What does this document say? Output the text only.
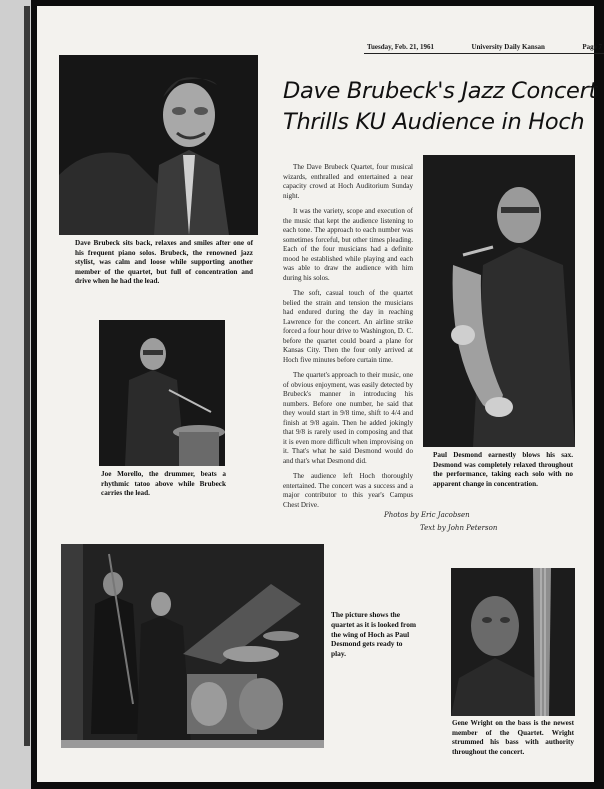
Tuesday, Feb. 21, 1961	University Daily Kansan	Page 7
Dave Brubeck's Jazz Concert
Thrills KU Audience in Hoch
Dave Brubeck sits back, relaxes and smiles after one of his frequent piano solos. Brubeck, the renowned jazz stylist, was calm and loose while supporting another member of the quartet, but full of concentration and drive when he had the lead.
Joe Morello, the drummer, beats a rhythmic tatoo above while Brubeck carries the lead.

The Dave Brubeck Quartet, four musical wizards, enthralled and entertained a near capacity crowd at Hoch Auditorium Sunday night.

It was the variety, scope and execution of the music that kept the audience listening to each tone. The approach to each number was sometimes forceful, but other times pleading. Each of the four musicians had a definite mood he established while playing and each was able to draw the audience with him during his solos.

The soft, casual touch of the quartet belied the strain and tension the musicians had endured during the day in reaching Lawrence for the concert. An airline strike forced a four hour drive to Washington, D. C. before the quartet could board a plane for Kansas City. Then the four only arrived at Hoch five minutes before curtain time.

The quartet's approach to their music, one of obvious enjoyment, was easily detected by Brubeck's manner in introducing his numbers. Before one number, he said that they would start in 9/8 time, shift to 4/4 and finish at 9/8 again. Then he added jokingly that 9/8 is rarely used in composing and that it is even more difficult when improvising on it. That's what he said Desmond would do and that's what Desmond did.

The audience left Hoch thoroughly entertained. The concert was a success and a major contributor to this year's Campus Chest Drive.

Paul Desmond earnestly blows his sax. Desmond was completely relaxed throughout the performance, taking each solo with no apparent change in concentration.
Photos by Eric Jacobsen
Text by John Peterson
The picture shows the quartet as it is looked from the wing of Hoch as Paul Desmond gets ready to play.
Gene Wright on the bass is the newest member of the Quartet. Wright strummed his bass with authority throughout the concert.
